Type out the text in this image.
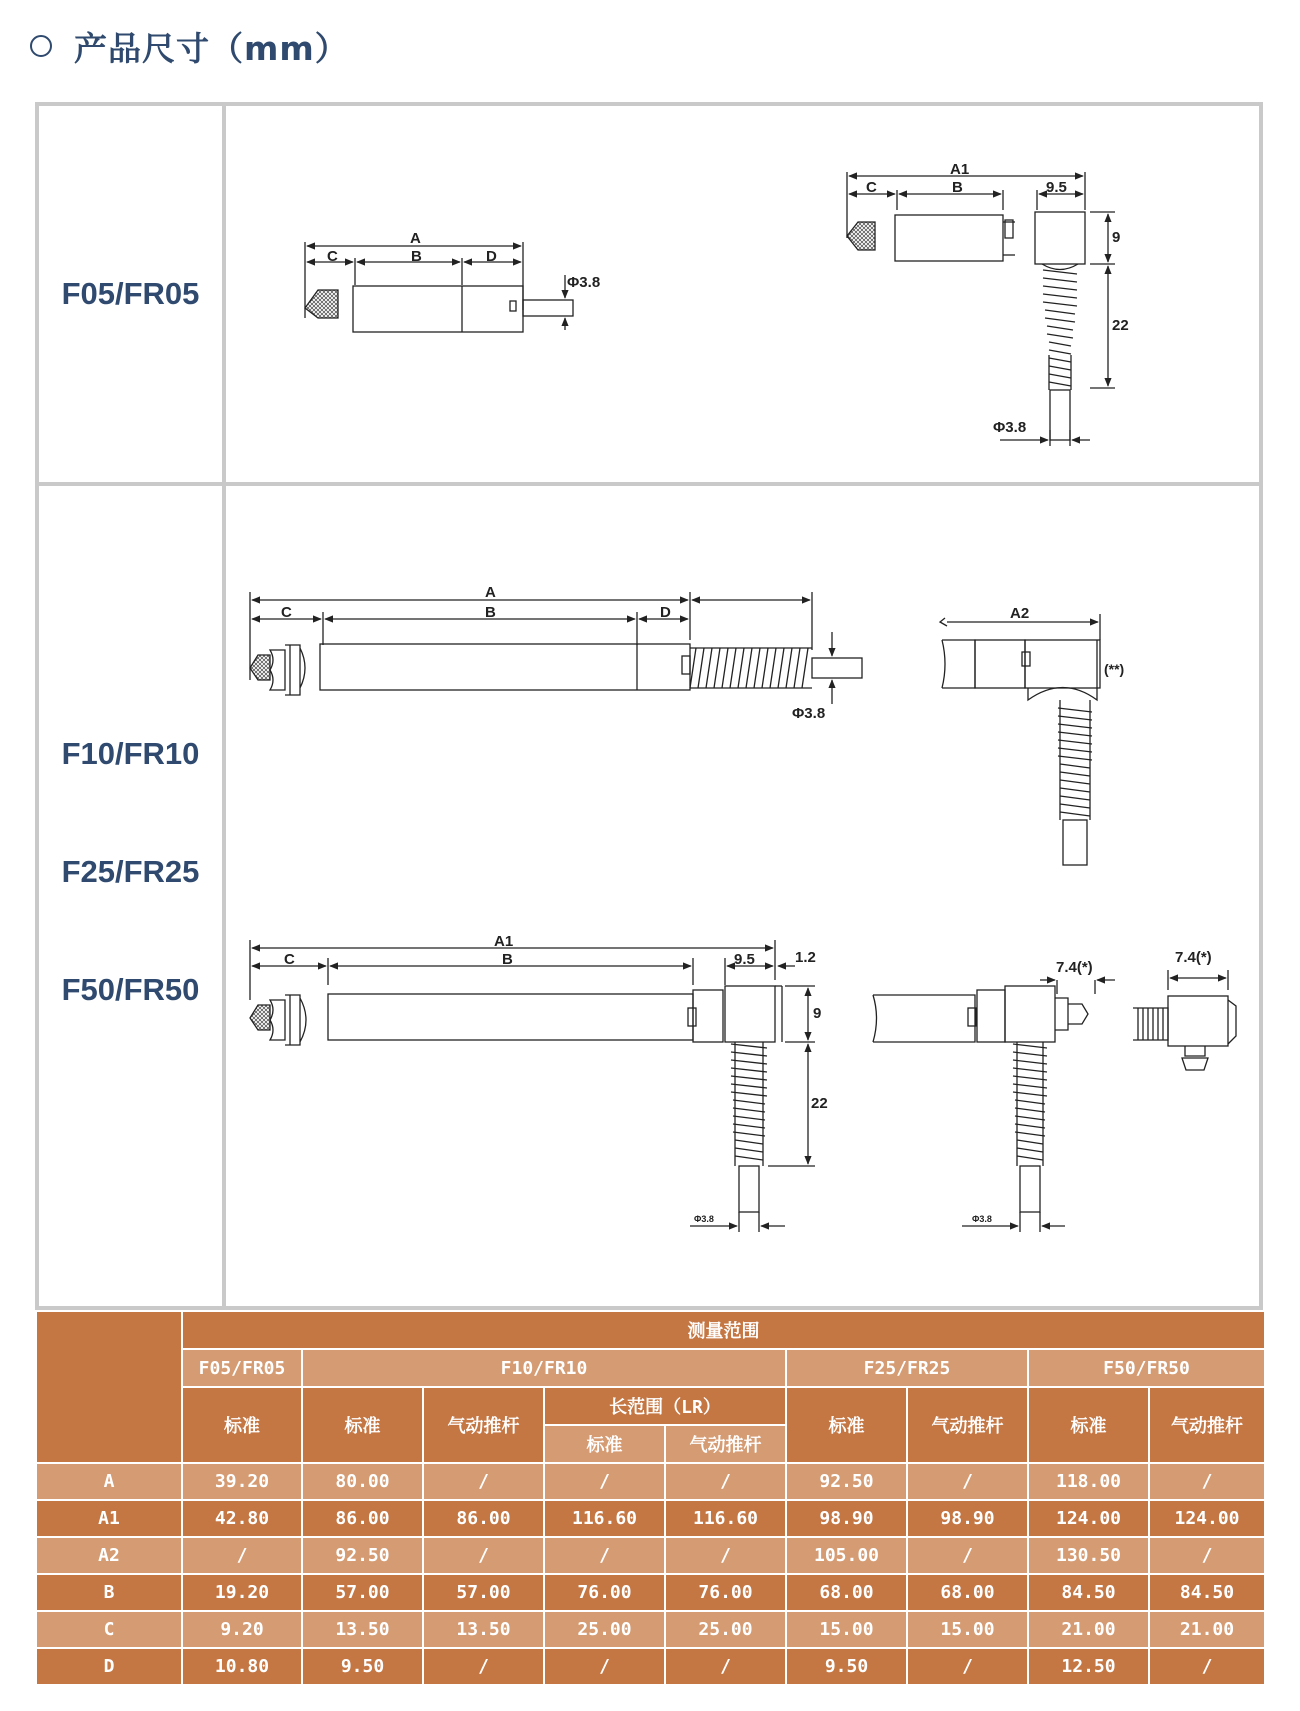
产品尺寸（mm）
F05/FR05
F10/FR10
F25/FR25
F50/FR50
Φ3.8
A
C	B	D
A1
C	B	9.5
9
22
Φ3.8
A
C	B	D
Φ3.8
A2
(**)
A1
C	B	9.5	1.2
9
22
Φ3.8
7.4(*)
Φ3.8
7.4(*)
	测量范围								
	F05/FR05	F10/FR10				F25/FR25		F50/FR50	
	标准	标准	气动推杆	长范围（LR）		标准	气动推杆	标准	气动推杆
				标准	气动推杆				

A	39.20	80.00	/	/	/	92.50	/	118.00	/
A1	42.80	86.00	86.00	116.60	116.60	98.90	98.90	124.00	124.00
A2	/	92.50	/	/	/	105.00	/	130.50	/
B	19.20	57.00	57.00	76.00	76.00	68.00	68.00	84.50	84.50
C	9.20	13.50	13.50	25.00	25.00	15.00	15.00	21.00	21.00
D	10.80	9.50	/	/	/	9.50	/	12.50	/
